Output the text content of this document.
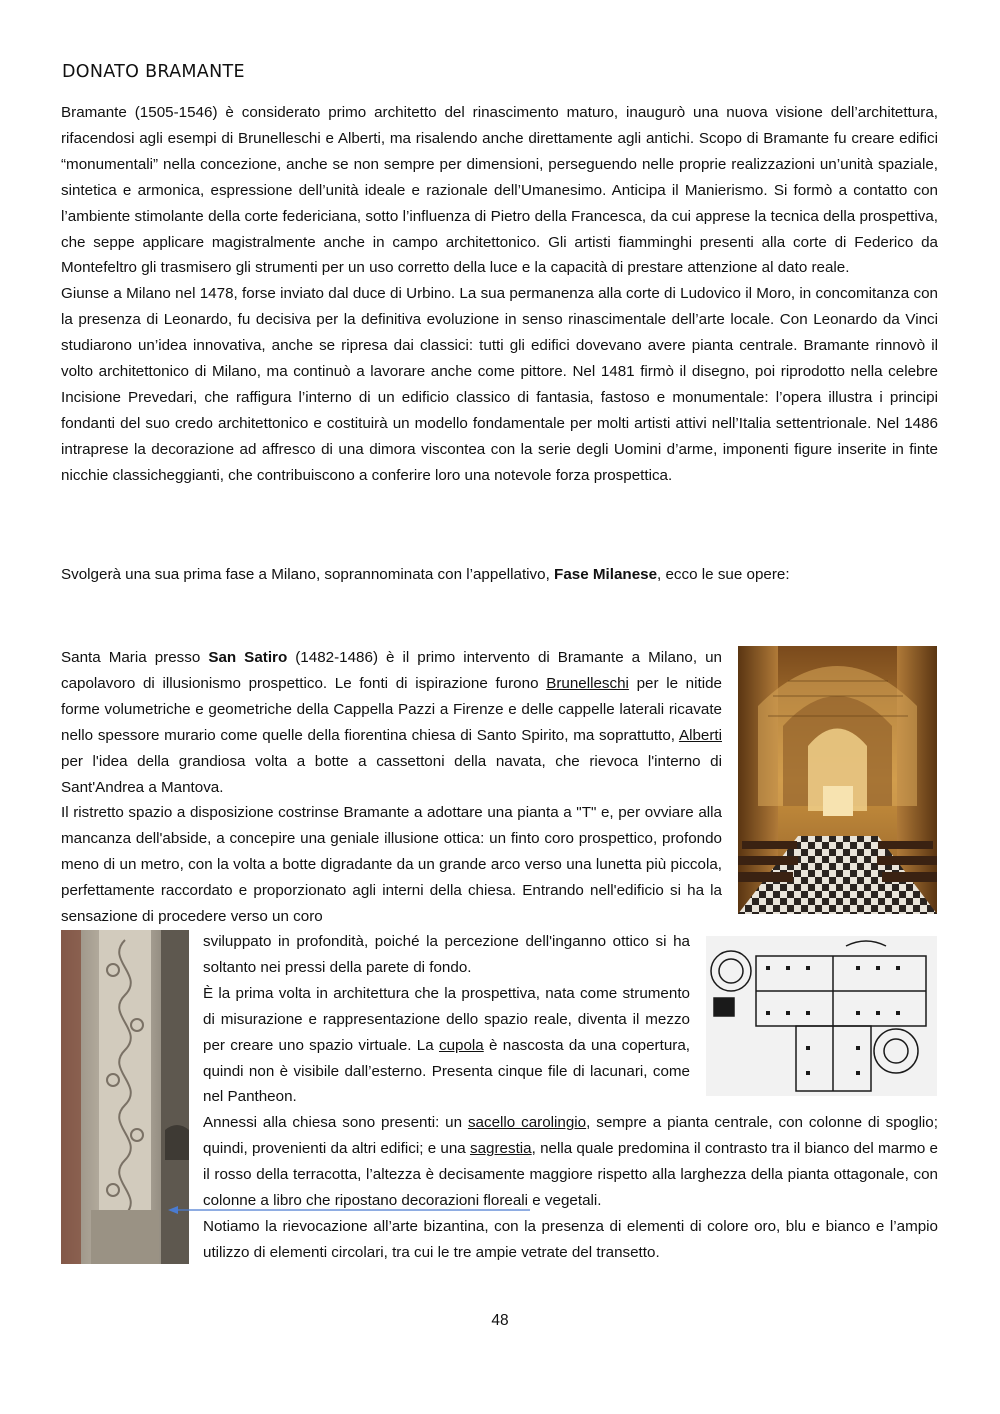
DONATO BRAMANTE

Bramante (1505-1546) è considerato primo architetto del rinascimento maturo, inaugurò una nuova visione dell’architettura, rifacendosi agli esempi di Brunelleschi e Alberti, ma risalendo anche direttamente agli antichi. Scopo di Bramante fu creare edifici “monumentali” nella concezione, anche se non sempre per dimensioni, perseguendo nelle proprie realizzazioni un’unità spaziale, sintetica e armonica, espressione dell’unità ideale e razionale dell’Umanesimo. Anticipa il Manierismo. Si formò a contatto con l’ambiente stimolante della corte federiciana, sotto l’influenza di Pietro della Francesca, da cui apprese la tecnica della prospettiva, che seppe applicare magistralmente anche in campo architettonico. Gli artisti fiamminghi presenti alla corte di Federico da Montefeltro gli trasmisero gli strumenti per un uso corretto della luce e la capacità di prestare attenzione al dato reale.
Giunse a Milano nel 1478, forse inviato dal duce di Urbino. La sua permanenza alla corte di Ludovico il Moro, in concomitanza con la presenza di Leonardo, fu decisiva per la definitiva evoluzione in senso rinascimentale dell’arte locale. Con Leonardo da Vinci studiarono un’idea innovativa, anche se ripresa dai classici: tutti gli edifici dovevano avere pianta centrale. Bramante rinnovò il volto architettonico di Milano, ma continuò a lavorare anche come pittore. Nel 1481 firmò il disegno, poi riprodotto nella celebre Incisione Prevedari, che raffigura l’interno di un edificio classico di fantasia, fastoso e monumentale: l’opera illustra i principi fondanti del suo credo architettonico e costituirà un modello fondamentale per molti artisti attivi nell’Italia settentrionale. Nel 1486 intraprese la decorazione ad affresco di una dimora viscontea con la serie degli Uomini d’arme, imponenti figure inserite in finte nicchie classicheggianti, che contribuiscono a conferire loro una notevole forza prospettica.

Svolgerà una sua prima fase a Milano, soprannominata con l’appellativo, Fase Milanese, ecco le sue opere:

Santa Maria presso San Satiro (1482-1486) è il primo intervento di Bramante a Milano, un capolavoro di illusionismo prospettico. Le fonti di ispirazione furono Brunelleschi per le nitide forme volumetriche e geometriche della Cappella Pazzi a Firenze e delle cappelle laterali ricavate nello spessore murario come quelle della fiorentina chiesa di Santo Spirito, ma soprattutto, Alberti per l'idea della grandiosa volta a botte a cassettoni della navata, che rievoca l'interno di Sant'Andrea a Mantova.
Il ristretto spazio a disposizione costrinse Bramante a adottare una pianta a "T" e, per ovviare alla mancanza dell'abside, a concepire una geniale illusione ottica: un finto coro prospettico, profondo meno di un metro, con la volta a botte digradante da un grande arco verso una lunetta più piccola, perfettamente raccordato e proporzionato agli interni della chiesa. Entrando nell'edificio si ha la sensazione di procedere verso un coro

sviluppato in profondità, poiché la percezione dell'inganno ottico si ha soltanto nei pressi della parete di fondo.
È la prima volta in architettura che la prospettiva, nata come strumento di misurazione e rappresentazione dello spazio reale, diventa il mezzo per creare uno spazio virtuale. La cupola è nascosta da una copertura, quindi non è visibile dall’esterno. Presenta cinque file di lacunari, come nel Pantheon.

Annessi alla chiesa sono presenti: un sacello carolingio, sempre a pianta centrale, con colonne di spoglio; quindi, provenienti da altri edifici; e una sagrestia, nella quale predomina il contrasto tra il bianco del marmo e il rosso della terracotta, l’altezza è decisamente maggiore rispetto alla larghezza della pianta ottagonale, con colonne a libro che ripostano decorazioni floreali e vegetali.
Notiamo la rievocazione all’arte bizantina, con la presenza di elementi di colore oro, blu e bianco e l’ampio utilizzo di elementi circolari, tra cui le tre ampie vetrate del transetto.

48
